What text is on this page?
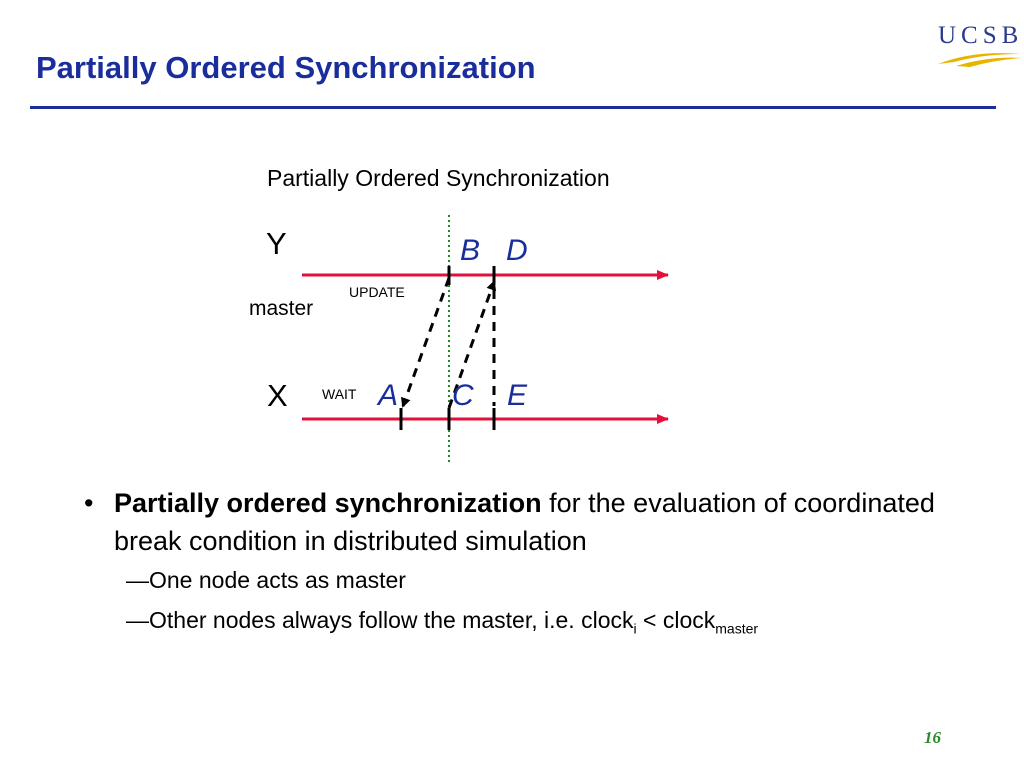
Partially Ordered Synchronization
UCSB
Partially Ordered Synchronization
Y
X
master
UPDATE
WAIT
B D
A C E
• Partially ordered synchronization for the evaluation of coordinated break condition in distributed simulation
—One node acts as master
—Other nodes always follow the master, i.e. clock$_i$ < clock$_{master}$
16
